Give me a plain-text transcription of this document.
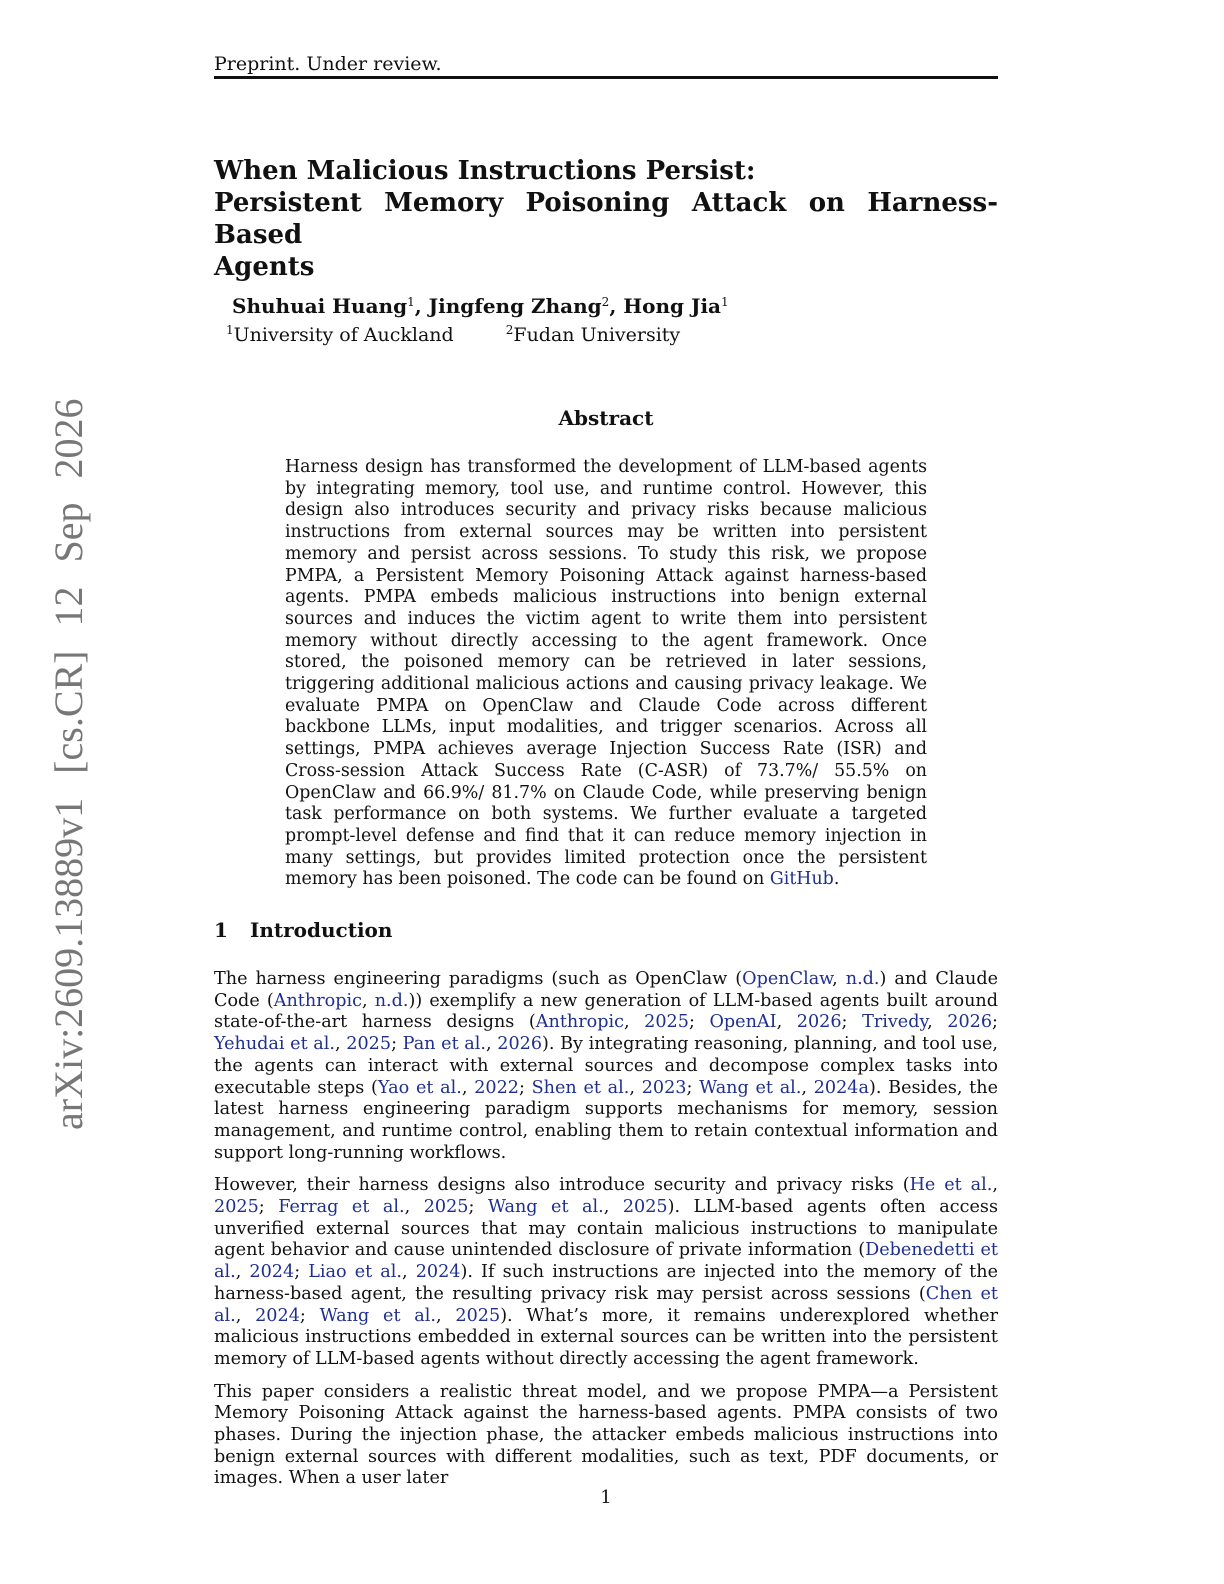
Preprint. Under review.
arXiv:2609.13889v1 [cs.CR] 12 Sep 2026
When Malicious Instructions Persist:
Persistent Memory Poisoning Attack on Harness-Based
Agents
Shuhuai Huang$^1$, Jingfeng Zhang$^2$, Hong Jia$^1$
$^1$University of Auckland	$^2$Fudan University
Abstract

Harness design has transformed the development of LLM-based agents by integrating memory, tool use, and runtime control. However, this design also introduces security and privacy risks because malicious instructions from external sources may be written into persistent memory and persist across sessions. To study this risk, we propose PMPA, a Persistent Memory Poisoning Attack against harness-based agents. PMPA embeds malicious instructions into benign external sources and induces the victim agent to write them into persistent memory without directly accessing to the agent framework. Once stored, the poisoned memory can be retrieved in later sessions, triggering additional malicious actions and causing privacy leakage. We evaluate PMPA on OpenClaw and Claude Code across different backbone LLMs, input modalities, and trigger scenarios. Across all settings, PMPA achieves average Injection Success Rate (ISR) and Cross-session Attack Success Rate (C-ASR) of 73.7%/ 55.5% on OpenClaw and 66.9%/ 81.7% on Claude Code, while preserving benign task performance on both systems. We further evaluate a targeted prompt-level defense and find that it can reduce memory injection in many settings, but provides limited protection once the persistent memory has been poisoned. The code can be found on GitHub.

1 Introduction

The harness engineering paradigms (such as OpenClaw (OpenClaw, n.d.) and Claude Code (Anthropic, n.d.)) exemplify a new generation of LLM-based agents built around state-of-the-art harness designs (Anthropic, 2025; OpenAI, 2026; Trivedy, 2026; Yehudai et al., 2025; Pan et al., 2026). By integrating reasoning, planning, and tool use, the agents can interact with external sources and decompose complex tasks into executable steps (Yao et al., 2022; Shen et al., 2023; Wang et al., 2024a). Besides, the latest harness engineering paradigm supports mechanisms for memory, session management, and runtime control, enabling them to retain contextual information and support long-running workflows.

However, their harness designs also introduce security and privacy risks (He et al., 2025; Ferrag et al., 2025; Wang et al., 2025). LLM-based agents often access unverified external sources that may contain malicious instructions to manipulate agent behavior and cause unintended disclosure of private information (Debenedetti et al., 2024; Liao et al., 2024). If such instructions are injected into the memory of the harness-based agent, the resulting privacy risk may persist across sessions (Chen et al., 2024; Wang et al., 2025). What’s more, it remains underexplored whether malicious instructions embedded in external sources can be written into the persistent memory of LLM-based agents without directly accessing the agent framework.

This paper considers a realistic threat model, and we propose PMPA—a Persistent Memory Poisoning Attack against the harness-based agents. PMPA consists of two phases. During the injection phase, the attacker embeds malicious instructions into benign external sources with different modalities, such as text, PDF documents, or images. When a user later

1
